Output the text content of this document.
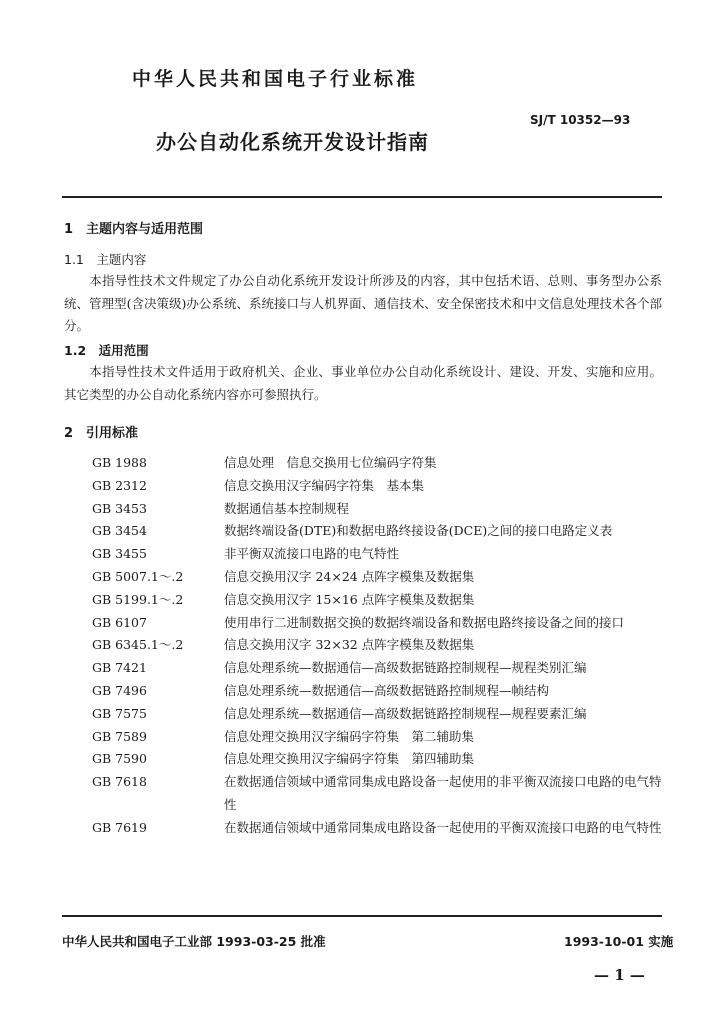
中华人民共和国电子行业标准
SJ/T 10352—93
办公自动化系统开发设计指南
1　主题内容与适用范围
1.1　主题内容
本指导性技术文件规定了办公自动化系统开发设计所涉及的内容，其中包括术语、总则、事务型办公系统、管理型(含决策级)办公系统、系统接口与人机界面、通信技术、安全保密技术和中文信息处理技术各个部分。
1.2　适用范围
本指导性技术文件适用于政府机关、企业、事业单位办公自动化系统设计、建设、开发、实施和应用。其它类型的办公自动化系统内容亦可参照执行。
2　引用标准
GB 1988	信息处理　信息交换用七位编码字符集
GB 2312	信息交换用汉字编码字符集　基本集
GB 3453	数据通信基本控制规程
GB 3454	数据终端设备(DTE)和数据电路终接设备(DCE)之间的接口电路定义表
GB 3455	非平衡双流接口电路的电气特性
GB 5007.1～.2	信息交换用汉字 24×24 点阵字模集及数据集
GB 5199.1～.2	信息交换用汉字 15×16 点阵字模集及数据集
GB 6107	使用串行二进制数据交换的数据终端设备和数据电路终接设备之间的接口
GB 6345.1～.2	信息交换用汉字 32×32 点阵字模集及数据集
GB 7421	信息处理系统—数据通信—高级数据链路控制规程—规程类别汇编
GB 7496	信息处理系统—数据通信—高级数据链路控制规程—帧结构
GB 7575	信息处理系统—数据通信—高级数据链路控制规程—规程要素汇编
GB 7589	信息处理交换用汉字编码字符集　第二辅助集
GB 7590	信息处理交换用汉字编码字符集　第四辅助集
GB 7618	在数据通信领域中通常同集成电路设备一起使用的非平衡双流接口电路的电气特性
GB 7619	在数据通信领域中通常同集成电路设备一起使用的平衡双流接口电路的电气特性
中华人民共和国电子工业部 1993-03-25 批准	1993-10-01 实施
— 1 —
